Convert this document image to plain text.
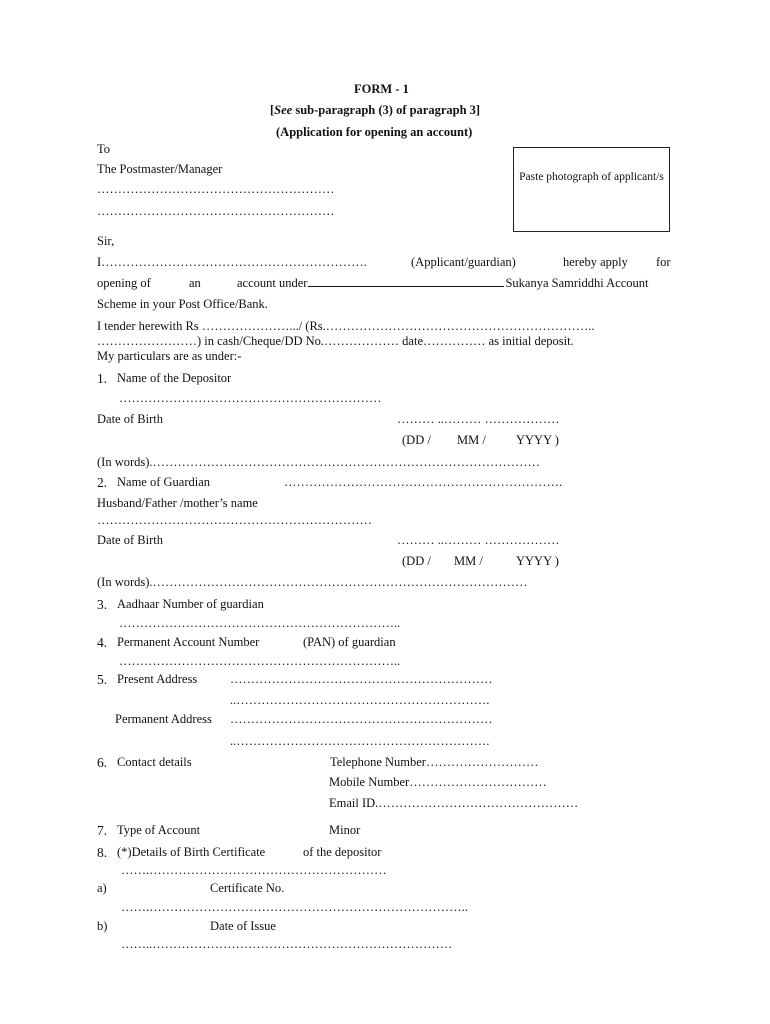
FORM - 1
[See sub-paragraph (3) of paragraph 3]
(Application for opening an account)
To
The Postmaster/Manager
…………………………………………………
…………………………………………………
Paste photograph of applicant/s
Sir,
I……………………………………………………….	(Applicant/guardian)	hereby apply for
opening of	an	account under	Sukanya Samriddhi Account
Scheme in your Post Office/Bank.
I tender herewith Rs ………………….../ (Rs.………………………………………………………..
……………………) in cash/Cheque/DD No.……………… date…………… as initial deposit.
My particulars are as under:-
1. Name of the Depositor
………………………………………………………
Date of Birth	……… ..……… ………………
(DD / MM / YYYY )
(In words).…………………………………………………………………………………
2. Name of Guardian	………………………………………………………….
Husband/Father /mother’s name
…………………………………………………………
Date of Birth	……… ..……… ………………
(DD / MM /	YYYY )
(In words).………………………………………………………………………………
3. Aadhaar Number of guardian
…………………………………………………………..
4. Permanent Account Number	(PAN) of guardian
…………………………………………………………..
5. Present Address	………………………………………………………
..…………………………………………………….
Permanent Address ………………………………………………………
..…………………………………………………….
6. Contact details	Telephone Number………………………
Mobile Number……………………………
Email ID.…………………………………………
7. Type of Account	Minor
8. (*)Details of Birth Certificate	of the depositor
…….…………………………………………………
a)	Certificate No.
…….…………………………………………………………………..
b)	Date of Issue
……..………………………………………………………………
